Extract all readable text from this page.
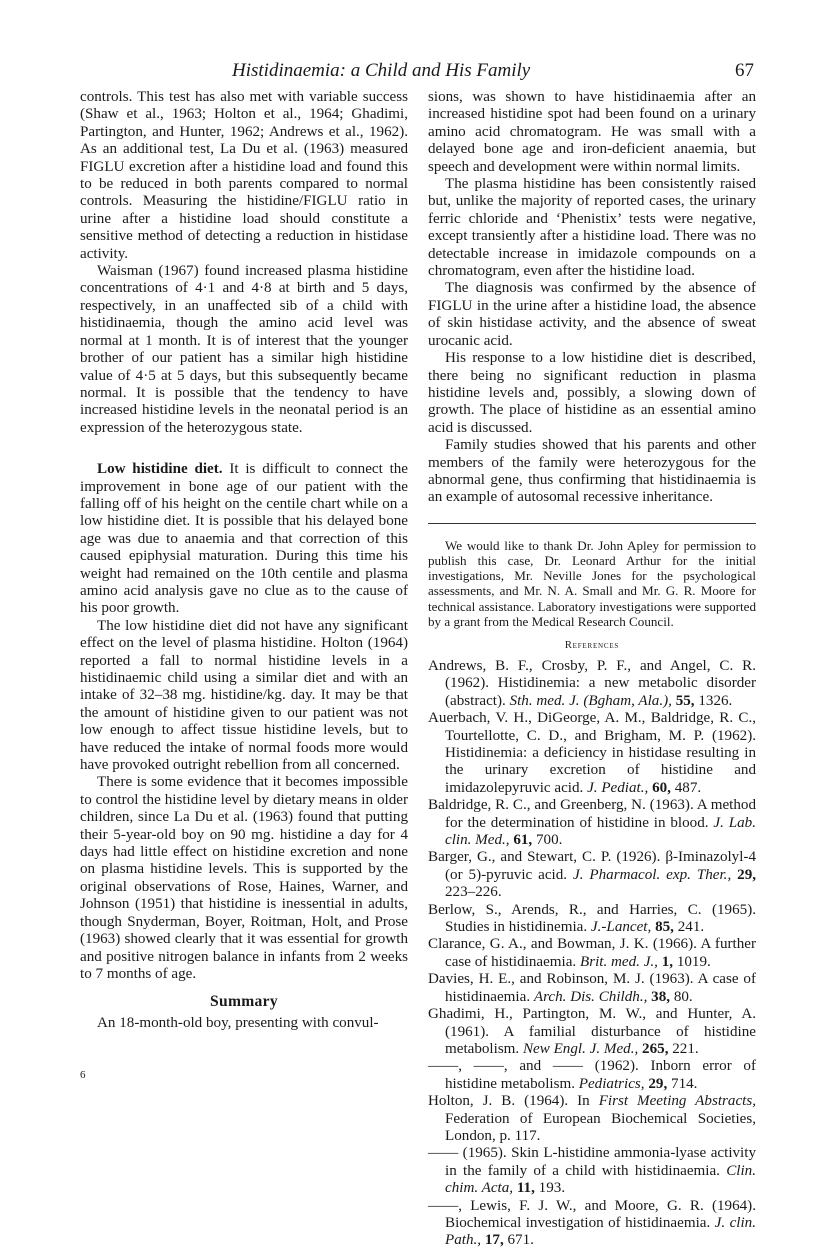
Histidinaemia: a Child and His Family	67

controls. This test has also met with variable success (Shaw et al., 1963; Holton et al., 1964; Ghadimi, Partington, and Hunter, 1962; Andrews et al., 1962). As an additional test, La Du et al. (1963) measured FIGLU excretion after a histidine load and found this to be reduced in both parents compared to normal controls. Measuring the histidine/FIGLU ratio in urine after a histidine load should constitute a sensitive method of detecting a reduction in histidase activity.

Waisman (1967) found increased plasma histidine concentrations of 4·1 and 4·8 at birth and 5 days, respectively, in an unaffected sib of a child with histidinaemia, though the amino acid level was normal at 1 month. It is of interest that the younger brother of our patient has a similar high histidine value of 4·5 at 5 days, but this subsequently became normal. It is possible that the tendency to have increased histidine levels in the neonatal period is an expression of the heterozygous state.

Low histidine diet. It is difficult to connect the improvement in bone age of our patient with the falling off of his height on the centile chart while on a low histidine diet. It is possible that his delayed bone age was due to anaemia and that correction of this caused epiphysial maturation. During this time his weight had remained on the 10th centile and plasma amino acid analysis gave no clue as to the cause of his poor growth.

The low histidine diet did not have any significant effect on the level of plasma histidine. Holton (1964) reported a fall to normal histidine levels in a histidinaemic child using a similar diet and with an intake of 32–38 mg. histidine/kg. day. It may be that the amount of histidine given to our patient was not low enough to affect tissue histidine levels, but to have reduced the intake of normal foods more would have provoked outright rebellion from all concerned.

There is some evidence that it becomes impossible to control the histidine level by dietary means in older children, since La Du et al. (1963) found that putting their 5-year-old boy on 90 mg. histidine a day for 4 days had little effect on histidine excretion and none on plasma histidine levels. This is supported by the original observations of Rose, Haines, Warner, and Johnson (1951) that histidine is inessential in adults, though Snyderman, Boyer, Roitman, Holt, and Prose (1963) showed clearly that it was essential for growth and positive nitrogen balance in infants from 2 weeks to 7 months of age.

Summary

An 18-month-old boy, presenting with convul-

sions, was shown to have histidinaemia after an increased histidine spot had been found on a urinary amino acid chromatogram. He was small with a delayed bone age and iron-deficient anaemia, but speech and development were within normal limits.

The plasma histidine has been consistently raised but, unlike the majority of reported cases, the urinary ferric chloride and ‘Phenistix’ tests were negative, except transiently after a histidine load. There was no detectable increase in imidazole compounds on a chromatogram, even after the histidine load.

The diagnosis was confirmed by the absence of FIGLU in the urine after a histidine load, the absence of skin histidase activity, and the absence of sweat urocanic acid.

His response to a low histidine diet is described, there being no significant reduction in plasma histidine levels and, possibly, a slowing down of growth. The place of histidine as an essential amino acid is discussed.

Family studies showed that his parents and other members of the family were heterozygous for the abnormal gene, thus confirming that histidinaemia is an example of autosomal recessive inheritance.

We would like to thank Dr. John Apley for permission to publish this case, Dr. Leonard Arthur for the initial investigations, Mr. Neville Jones for the psychological assessments, and Mr. N. A. Small and Mr. G. R. Moore for technical assistance. Laboratory investigations were supported by a grant from the Medical Research Council.

References

Andrews, B. F., Crosby, P. F., and Angel, C. R. (1962). Histidinemia: a new metabolic disorder (abstract). Sth. med. J. (Bgham, Ala.), 55, 1326.

Auerbach, V. H., DiGeorge, A. M., Baldridge, R. C., Tourtellotte, C. D., and Brigham, M. P. (1962). Histidinemia: a deficiency in histidase resulting in the urinary excretion of histidine and imidazolepyruvic acid. J. Pediat., 60, 487.

Baldridge, R. C., and Greenberg, N. (1963). A method for the determination of histidine in blood. J. Lab. clin. Med., 61, 700.

Barger, G., and Stewart, C. P. (1926). β-Iminazolyl-4 (or 5)-pyruvic acid. J. Pharmacol. exp. Ther., 29, 223–226.

Berlow, S., Arends, R., and Harries, C. (1965). Studies in histidinemia. J.-Lancet, 85, 241.

Clarance, G. A., and Bowman, J. K. (1966). A further case of histidinaemia. Brit. med. J., 1, 1019.

Davies, H. E., and Robinson, M. J. (1963). A case of histidinaemia. Arch. Dis. Childh., 38, 80.

Ghadimi, H., Partington, M. W., and Hunter, A. (1961). A familial disturbance of histidine metabolism. New Engl. J. Med., 265, 221.

——, ——, and —— (1962). Inborn error of histidine metabolism. Pediatrics, 29, 714.

Holton, J. B. (1964). In First Meeting Abstracts, Federation of European Biochemical Societies, London, p. 117.

—— (1965). Skin L-histidine ammonia-lyase activity in the family of a child with histidinaemia. Clin. chim. Acta, 11, 193.

——, Lewis, F. J. W., and Moore, G. R. (1964). Biochemical investigation of histidinaemia. J. clin. Path., 17, 671.

6
